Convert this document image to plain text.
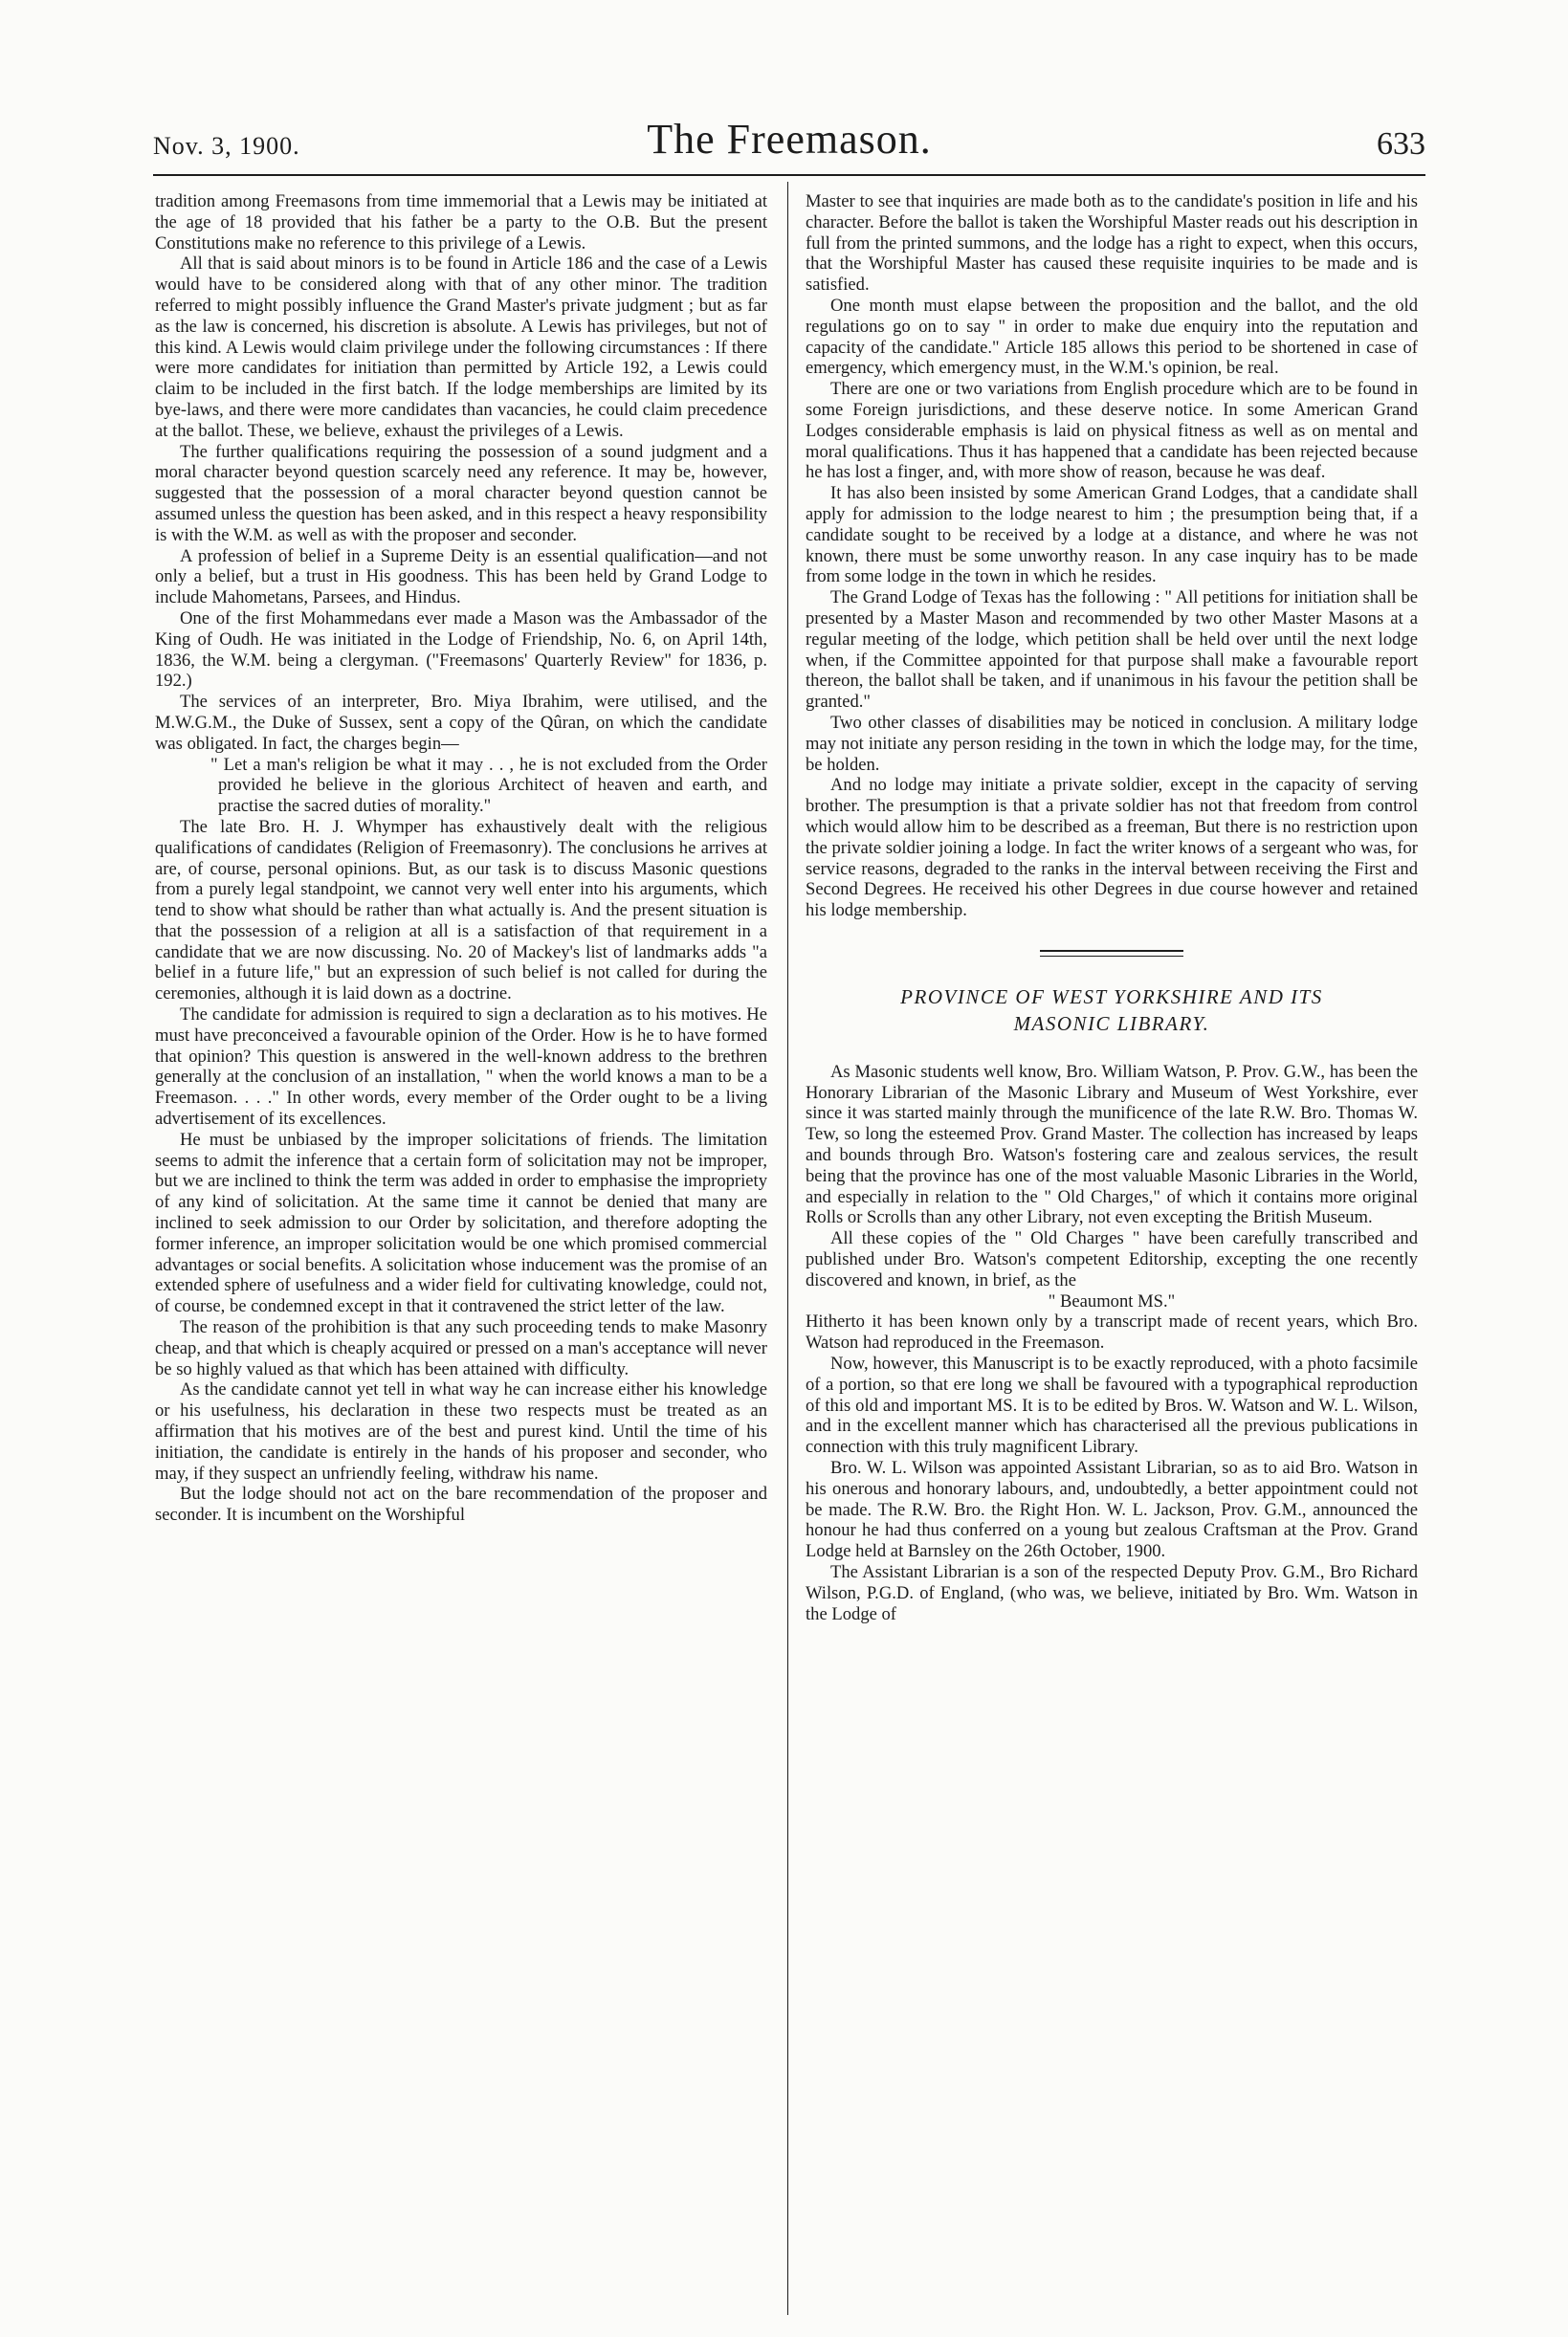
Nov. 3, 1900.	The Freemason.	633

tradition among Freemasons from time immemorial that a Lewis may be initiated at the age of 18 provided that his father be a party to the O.B. But the present Constitutions make no reference to this privilege of a Lewis.

All that is said about minors is to be found in Article 186 and the case of a Lewis would have to be considered along with that of any other minor. The tradition referred to might possibly influence the Grand Master's private judgment ; but as far as the law is concerned, his discretion is absolute. A Lewis has privileges, but not of this kind. A Lewis would claim privilege under the following circumstances : If there were more candidates for initiation than permitted by Article 192, a Lewis could claim to be included in the first batch. If the lodge memberships are limited by its bye-laws, and there were more candidates than vacancies, he could claim precedence at the ballot. These, we believe, exhaust the privileges of a Lewis.

The further qualifications requiring the possession of a sound judgment and a moral character beyond question scarcely need any reference. It may be, however, suggested that the possession of a moral character beyond question cannot be assumed unless the question has been asked, and in this respect a heavy responsibility is with the W.M. as well as with the proposer and seconder.

A profession of belief in a Supreme Deity is an essential qualification—and not only a belief, but a trust in His goodness. This has been held by Grand Lodge to include Mahometans, Parsees, and Hindus.

One of the first Mohammedans ever made a Mason was the Ambassador of the King of Oudh. He was initiated in the Lodge of Friendship, No. 6, on April 14th, 1836, the W.M. being a clergyman. ("Freemasons' Quarterly Review" for 1836, p. 192.)

The services of an interpreter, Bro. Miya Ibrahim, were utilised, and the M.W.G.M., the Duke of Sussex, sent a copy of the Qûran, on which the candidate was obligated. In fact, the charges begin—

" Let a man's religion be what it may . . , he is not excluded from the Order provided he believe in the glorious Architect of heaven and earth, and practise the sacred duties of morality."

The late Bro. H. J. Whymper has exhaustively dealt with the religious qualifications of candidates (Religion of Freemasonry). The conclusions he arrives at are, of course, personal opinions. But, as our task is to discuss Masonic questions from a purely legal standpoint, we cannot very well enter into his arguments, which tend to show what should be rather than what actually is. And the present situation is that the possession of a religion at all is a satisfaction of that requirement in a candidate that we are now discussing. No. 20 of Mackey's list of landmarks adds "a belief in a future life," but an expression of such belief is not called for during the ceremonies, although it is laid down as a doctrine.

The candidate for admission is required to sign a declaration as to his motives. He must have preconceived a favourable opinion of the Order. How is he to have formed that opinion? This question is answered in the well-known address to the brethren generally at the conclusion of an installation, " when the world knows a man to be a Freemason. . . ." In other words, every member of the Order ought to be a living advertisement of its excellences.

He must be unbiased by the improper solicitations of friends. The limitation seems to admit the inference that a certain form of solicitation may not be improper, but we are inclined to think the term was added in order to emphasise the impropriety of any kind of solicitation. At the same time it cannot be denied that many are inclined to seek admission to our Order by solicitation, and therefore adopting the former inference, an improper solicitation would be one which promised commercial advantages or social benefits. A solicitation whose inducement was the promise of an extended sphere of usefulness and a wider field for cultivating knowledge, could not, of course, be condemned except in that it contravened the strict letter of the law.

The reason of the prohibition is that any such proceeding tends to make Masonry cheap, and that which is cheaply acquired or pressed on a man's acceptance will never be so highly valued as that which has been attained with difficulty.

As the candidate cannot yet tell in what way he can increase either his knowledge or his usefulness, his declaration in these two respects must be treated as an affirmation that his motives are of the best and purest kind. Until the time of his initiation, the candidate is entirely in the hands of his proposer and seconder, who may, if they suspect an unfriendly feeling, withdraw his name.

But the lodge should not act on the bare recommendation of the proposer and seconder. It is incumbent on the Worshipful

Master to see that inquiries are made both as to the candidate's position in life and his character. Before the ballot is taken the Worshipful Master reads out his description in full from the printed summons, and the lodge has a right to expect, when this occurs, that the Worshipful Master has caused these requisite inquiries to be made and is satisfied.

One month must elapse between the proposition and the ballot, and the old regulations go on to say " in order to make due enquiry into the reputation and capacity of the candidate." Article 185 allows this period to be shortened in case of emergency, which emergency must, in the W.M.'s opinion, be real.

There are one or two variations from English procedure which are to be found in some Foreign jurisdictions, and these deserve notice. In some American Grand Lodges considerable emphasis is laid on physical fitness as well as on mental and moral qualifications. Thus it has happened that a candidate has been rejected because he has lost a finger, and, with more show of reason, because he was deaf.

It has also been insisted by some American Grand Lodges, that a candidate shall apply for admission to the lodge nearest to him ; the presumption being that, if a candidate sought to be received by a lodge at a distance, and where he was not known, there must be some unworthy reason. In any case inquiry has to be made from some lodge in the town in which he resides.

The Grand Lodge of Texas has the following : " All petitions for initiation shall be presented by a Master Mason and recommended by two other Master Masons at a regular meeting of the lodge, which petition shall be held over until the next lodge when, if the Committee appointed for that purpose shall make a favourable report thereon, the ballot shall be taken, and if unanimous in his favour the petition shall be granted."

Two other classes of disabilities may be noticed in conclusion. A military lodge may not initiate any person residing in the town in which the lodge may, for the time, be holden.

And no lodge may initiate a private soldier, except in the capacity of serving brother. The presumption is that a private soldier has not that freedom from control which would allow him to be described as a freeman, But there is no restriction upon the private soldier joining a lodge. In fact the writer knows of a sergeant who was, for service reasons, degraded to the ranks in the interval between receiving the First and Second Degrees. He received his other Degrees in due course however and retained his lodge membership.

PROVINCE OF WEST YORKSHIRE AND ITS
MASONIC LIBRARY.

As Masonic students well know, Bro. William Watson, P. Prov. G.W., has been the Honorary Librarian of the Masonic Library and Museum of West Yorkshire, ever since it was started mainly through the munificence of the late R.W. Bro. Thomas W. Tew, so long the esteemed Prov. Grand Master. The collection has increased by leaps and bounds through Bro. Watson's fostering care and zealous services, the result being that the province has one of the most valuable Masonic Libraries in the World, and especially in relation to the " Old Charges," of which it contains more original Rolls or Scrolls than any other Library, not even excepting the British Museum.

All these copies of the " Old Charges " have been carefully transcribed and published under Bro. Watson's competent Editorship, excepting the one recently discovered and known, in brief, as the

" Beaumont MS."

Hitherto it has been known only by a transcript made of recent years, which Bro. Watson had reproduced in the Freemason.

Now, however, this Manuscript is to be exactly reproduced, with a photo facsimile of a portion, so that ere long we shall be favoured with a typographical reproduction of this old and important MS. It is to be edited by Bros. W. Watson and W. L. Wilson, and in the excellent manner which has characterised all the previous publications in connection with this truly magnificent Library.

Bro. W. L. Wilson was appointed Assistant Librarian, so as to aid Bro. Watson in his onerous and honorary labours, and, undoubtedly, a better appointment could not be made. The R.W. Bro. the Right Hon. W. L. Jackson, Prov. G.M., announced the honour he had thus conferred on a young but zealous Craftsman at the Prov. Grand Lodge held at Barnsley on the 26th October, 1900.

The Assistant Librarian is a son of the respected Deputy Prov. G.M., Bro Richard Wilson, P.G.D. of England, (who was, we believe, initiated by Bro. Wm. Watson in the Lodge of
